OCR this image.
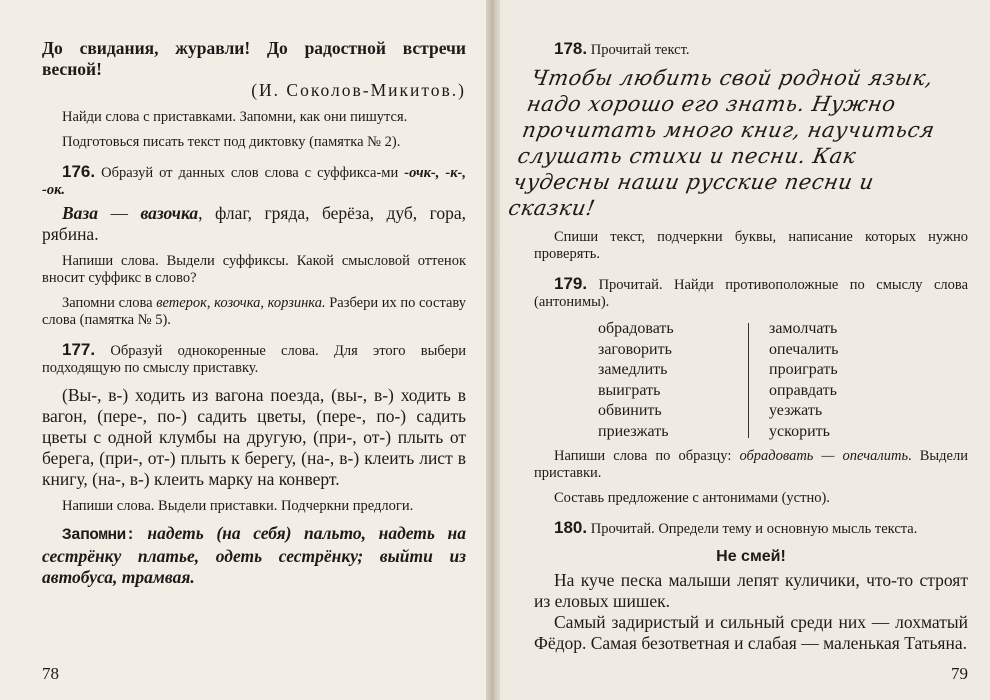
До свидания, журавли! До радостной встречи весной!

(И. Соколов-Микитов.)

Найди слова с приставками. Запомни, как они пишутся.

Подготовься писать текст под диктовку (памятка № 2).

176. Образуй от данных слов слова с суффикса-ми -очк-, -к-, -ок.

Ваза — вазочка, флаг, гряда, берёза, дуб, гора, рябина.

Напиши слова. Выдели суффиксы. Какой смысловой оттенок вносит суффикс в слово?

Запомни слова ветерок, козочка, корзинка. Разбери их по составу слова (памятка № 5).

177. Образуй однокоренные слова. Для этого выбери подходящую по смыслу приставку.

(Вы-, в-) ходить из вагона поезда, (вы-, в-) ходить в вагон, (пере-, по-) садить цветы, (пере-, по-) садить цветы с одной клумбы на другую, (при-, от-) плыть от берега, (при-, от-) плыть к берегу, (на-, в-) клеить лист в книгу, (на-, в-) клеить марку на конверт.

Напиши слова. Выдели приставки. Подчеркни предлоги.

Запомни: надеть (на себя) пальто, надеть на сестрёнку платье, одеть сестрёнку; выйти из автобуса, трамвая.

78

178. Прочитай текст.

Чтобы любить свой родной язык, надо хорошо его знать. Нужно прочитать много книг, научиться слушать стихи и песни. Как чудесны наши русские песни и сказки!

Спиши текст, подчеркни буквы, написание которых нужно проверять.

179. Прочитай. Найди противоположные по смыслу слова (антонимы).

обрадовать
заговорить
замедлить
выиграть
обвинить
приезжать
замолчать
опечалить
проиграть
оправдать
уезжать
ускорить

Напиши слова по образцу: обрадовать — опечалить. Выдели приставки.

Составь предложение с антонимами (устно).

180. Прочитай. Определи тему и основную мысль текста.

Не смей!

На куче песка малыши лепят куличики, что-то строят из еловых шишек.

Самый задиристый и сильный среди них — лохматый Фёдор. Самая безответная и слабая — маленькая Татьяна.

79
